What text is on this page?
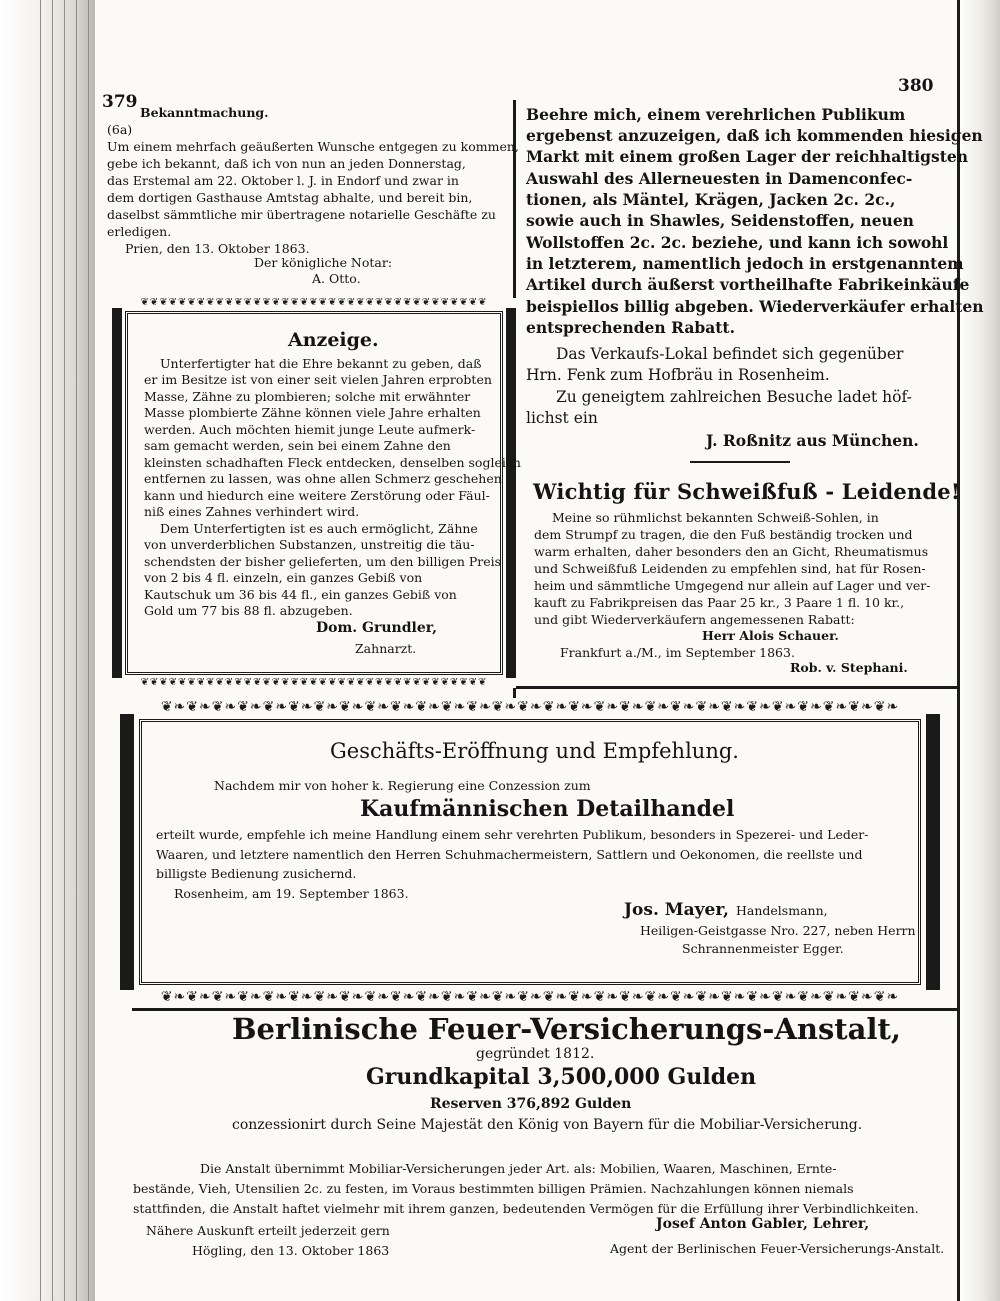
379
380
Bekanntmachung.
(6a)
Um einem mehrfach geäußerten Wunsche entgegen zu kommen,
gebe ich bekannt, daß ich von nun an jeden Donnerstag,
das Erstemal am 22. Oktober l. J. in Endorf und zwar in
dem dortigen Gasthause Amtstag abhalte, und bereit bin,
daselbst sämmtliche mir übertragene notarielle Geschäfte zu
erledigen.
Prien, den 13. Oktober 1863.
Der königliche Notar:
A. Otto.
❦❦❦❦❦❦❦❦❦❦❦❦❦❦❦❦❦❦❦❦❦❦❦❦❦❦❦❦❦❦❦❦❦❦❦❦❦
❦❦❦❦❦❦❦❦❦❦❦❦❦❦❦❦❦❦❦❦❦❦❦❦❦❦❦❦❦❦❦❦❦❦❦❦❦
Anzeige.
Unterfertigter hat die Ehre bekannt zu geben, daß
er im Besitze ist von einer seit vielen Jahren erprobten
Masse, Zähne zu plombieren; solche mit erwähnter
Masse plombierte Zähne können viele Jahre erhalten
werden. Auch möchten hiemit junge Leute aufmerk-
sam gemacht werden, sein bei einem Zahne den
kleinsten schadhaften Fleck entdecken, denselben sogleich
entfernen zu lassen, was ohne allen Schmerz geschehen
kann und hiedurch eine weitere Zerstörung oder Fäul-
niß eines Zahnes verhindert wird.
Dem Unterfertigten ist es auch ermöglicht, Zähne
von unverderblichen Substanzen, unstreitig die täu-
schendsten der bisher gelieferten, um den billigen Preis
von 2 bis 4 fl. einzeln, ein ganzes Gebiß von
Kautschuk um 36 bis 44 fl., ein ganzes Gebiß von
Gold um 77 bis 88 fl. abzugeben.
Dom. Grundler,
Zahnarzt.
Beehre mich, einem verehrlichen Publikum
ergebenst anzuzeigen, daß ich kommenden hiesigen
Markt mit einem großen Lager der reichhaltigsten
Auswahl des Allerneuesten in Damenconfec-
tionen, als Mäntel, Krägen, Jacken 2c. 2c.,
sowie auch in Shawles, Seidenstoffen, neuen
Wollstoffen 2c. 2c. beziehe, und kann ich sowohl
in letzterem, namentlich jedoch in erstgenanntem
Artikel durch äußerst vortheilhafte Fabrikeinkäufe
beispiellos billig abgeben. Wiederverkäufer erhalten
entsprechenden Rabatt.
Das Verkaufs-Lokal befindet sich gegenüber
Hrn. Fenk zum Hofbräu in Rosenheim.
Zu geneigtem zahlreichen Besuche ladet höf-
lichst ein
J. Roßnitz aus München.
Wichtig für Schweißfuß - Leidende!
Meine so rühmlichst bekannten Schweiß-Sohlen, in
dem Strumpf zu tragen, die den Fuß beständig trocken und
warm erhalten, daher besonders den an Gicht, Rheumatismus
und Schweißfuß Leidenden zu empfehlen sind, hat für Rosen-
heim und sämmtliche Umgegend nur allein auf Lager und ver-
kauft zu Fabrikpreisen das Paar 25 kr., 3 Paare 1 fl. 10 kr.,
und gibt Wiederverkäufern angemessenen Rabatt:
Herr Alois Schauer.
Frankfurt a./M., im September 1863.
Rob. v. Stephani.
❦❧❦❧❦❧❦❧❦❧❦❧❦❧❦❧❦❧❦❧❦❧❦❧❦❧❦❧❦❧❦❧❦❧❦❧❦❧❦❧❦❧❦❧❦❧❦❧❦❧❦❧❦❧❦❧❦❧
❦❧❦❧❦❧❦❧❦❧❦❧❦❧❦❧❦❧❦❧❦❧❦❧❦❧❦❧❦❧❦❧❦❧❦❧❦❧❦❧❦❧❦❧❦❧❦❧❦❧❦❧❦❧❦❧❦❧
Geschäfts-Eröffnung und Empfehlung.
Nachdem mir von hoher k. Regierung eine Conzession zum
Kaufmännischen Detailhandel
erteilt wurde, empfehle ich meine Handlung einem sehr verehrten Publikum, besonders in Spezerei- und Leder-
Waaren, und letztere namentlich den Herren Schuhmachermeistern, Sattlern und Oekonomen, die reellste und
billigste Bedienung zusichernd.
Rosenheim, am 19. September 1863.
Jos. Mayer, Handelsmann,
Heiligen-Geistgasse Nro. 227, neben Herrn
Schrannenmeister Egger.
Berlinische Feuer-Versicherungs-Anstalt,
gegründet 1812.
Grundkapital 3,500,000 Gulden
Reserven 376,892 Gulden
conzessionirt durch Seine Majestät den König von Bayern für die Mobiliar-Versicherung.
Die Anstalt übernimmt Mobiliar-Versicherungen jeder Art. als: Mobilien, Waaren, Maschinen, Ernte-
bestände, Vieh, Utensilien 2c. zu festen, im Voraus bestimmten billigen Prämien. Nachzahlungen können niemals
stattfinden, die Anstalt haftet vielmehr mit ihrem ganzen, bedeutenden Vermögen für die Erfüllung ihrer Verbindlichkeiten.
Nähere Auskunft erteilt jederzeit gern
Högling, den 13. Oktober 1863
Josef Anton Gabler, Lehrer,
Agent der Berlinischen Feuer-Versicherungs-Anstalt.
